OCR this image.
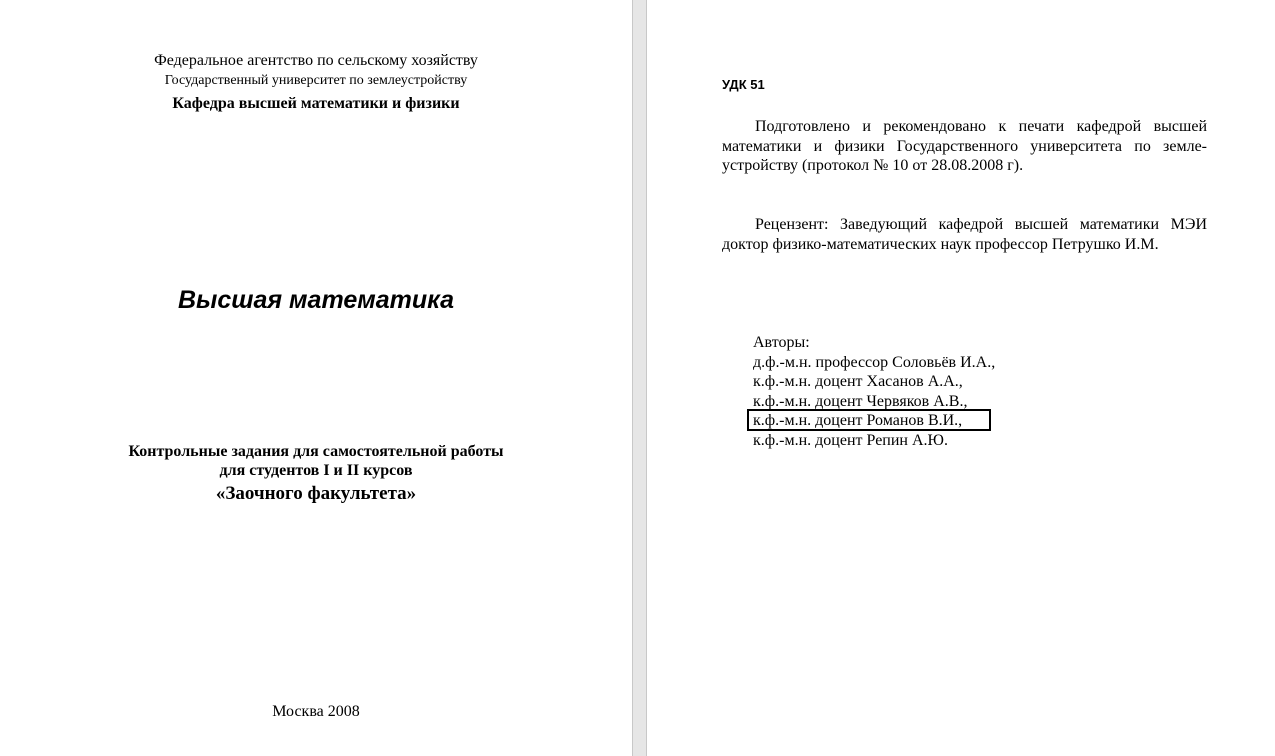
Федеральное агентство по сельскому хозяйству
Государственный университет по землеустройству
Кафедра высшей математики и физики
Высшая математика
Контрольные задания для самостоятельной работы
для студентов I и II курсов
«Заочного факультета»
Москва 2008
УДК 51
Подготовлено и рекомендовано к печати кафедрой высшей математики и физики Государственного университета по земле-устройству (протокол № 10 от 28.08.2008 г).
Рецензент: Заведующий кафедрой высшей математики МЭИ доктор физико-математических наук профессор Петрушко И.М.
Авторы:
д.ф.-м.н. профессор Соловьёв И.А.,
к.ф.-м.н. доцент Хасанов А.А.,
к.ф.-м.н. доцент Червяков А.В.,
к.ф.-м.н. доцент Романов В.И.,
к.ф.-м.н. доцент Репин А.Ю.
